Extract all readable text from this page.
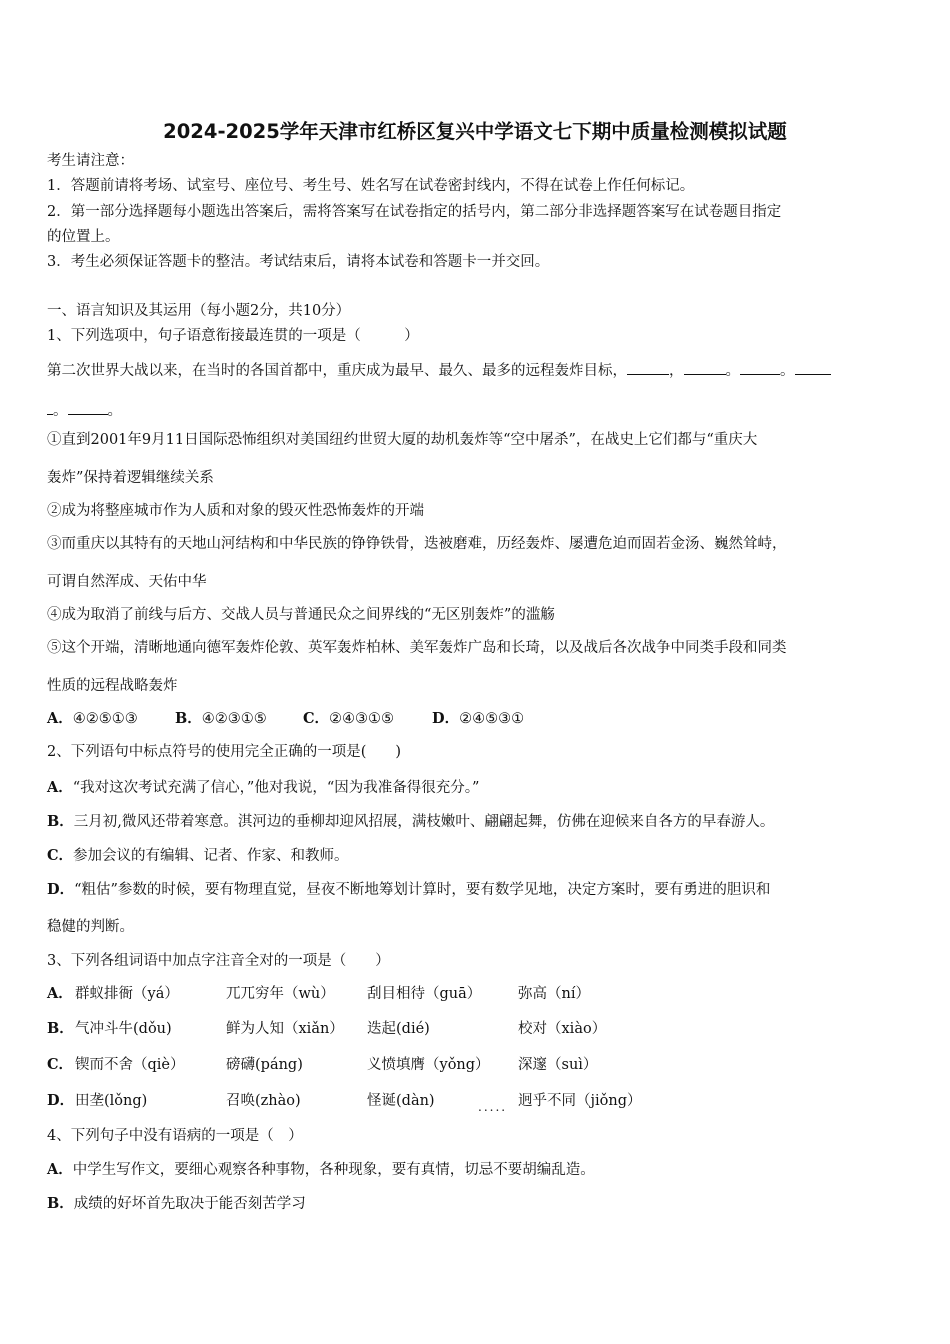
2024-2025学年天津市红桥区复兴中学语文七下期中质量检测模拟试题
考生请注意：
1．答题前请将考场、试室号、座位号、考生号、姓名写在试卷密封线内，不得在试卷上作任何标记。
2．第一部分选择题每小题选出答案后，需将答案写在试卷指定的括号内，第二部分非选择题答案写在试卷题目指定
的位置上。
3．考生必须保证答题卡的整洁。考试结束后，请将本试卷和答题卡一并交回。
一、语言知识及其运用（每小题2分，共10分）
1、下列选项中，句子语意衔接最连贯的一项是（　　　）
第二次世界大战以来，在当时的各国首都中，重庆成为最早、最久、最多的远程轰炸目标，	，	。	。
。	。
①直到2001年9月11日国际恐怖组织对美国纽约世贸大厦的劫机轰炸等“空中屠杀”，在战史上它们都与“重庆大
轰炸”保持着逻辑继续关系
②成为将整座城市作为人质和对象的毁灭性恐怖轰炸的开端
③而重庆以其特有的天地山河结构和中华民族的铮铮铁骨，迭被磨难，历经轰炸、屡遭危迫而固若金汤、巍然耸峙，
可谓自然浑成、天佑中华
④成为取消了前线与后方、交战人员与普通民众之间界线的“无区别轰炸”的滥觞
⑤这个开端，清晰地通向德军轰炸伦敦、英军轰炸柏林、美军轰炸广岛和长琦，以及战后各次战争中同类手段和同类
性质的远程战略轰炸
A．④②⑤①③	B．④②③①⑤ C．②④③①⑤	D．②④⑤③①
2、下列语句中标点符号的使用完全正确的一项是(　　)
A．“我对这次考试充满了信心，”他对我说，“因为我准备得很充分。”
B．三月初,微风还带着寒意。淇河边的垂柳却迎风招展，满枝嫩叶、翩翩起舞，仿佛在迎候来自各方的早春游人。
C．参加会议的有编辑、记者、作家、和教师。
D．“粗估”参数的时候，要有物理直觉，昼夜不断地筹划计算时，要有数学见地，决定方案时，要有勇进的胆识和
稳健的判断。
3、下列各组词语中加点字注音全对的一项是（　　）
A． 群蚁排衙（yá）	兀兀穷年（wù） 刮目相待（guā）	弥高（ní）
B． 气冲斗牛(dǒu)	鲜为人知（xiǎn） 迭起(dié)	校对（xiào）
C． 锲而不舍（qiè）	磅礴(páng)	义愤填膺（yǒng） 深邃（suì）
D． 田垄(lǒng)	召唤(zhào)	怪诞(dàn)	..... 迥乎不同（jiǒng）
4、下列句子中没有语病的一项是（　）
A．中学生写作文，要细心观察各种事物，各种现象，要有真情，切忌不要胡编乱造。
B．成绩的好坏首先取决于能否刻苦学习
